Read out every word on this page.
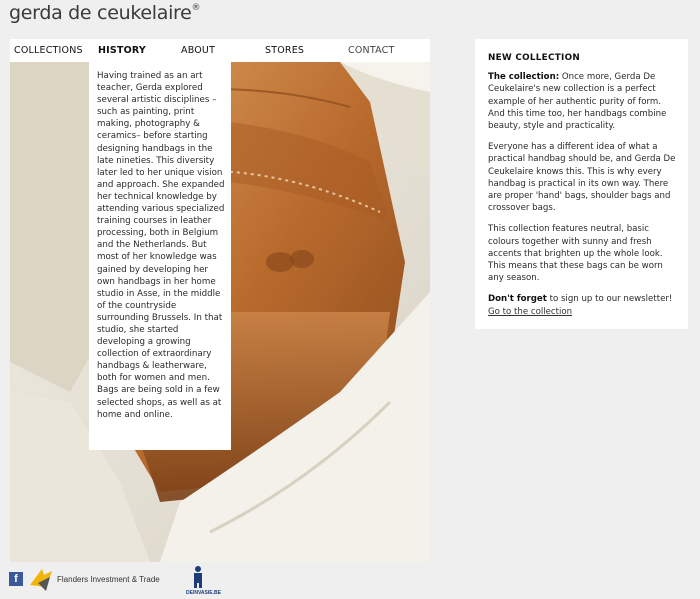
gerda de ceukelaire®
COLLECTIONS HISTORY	ABOUT	STORES	CONTACT
Having trained as an art teacher, Gerda explored several artistic disciplines – such as painting, print making, photography & ceramics– before starting designing handbags in the late nineties. This diversity later led to her unique vision and approach. She expanded her technical knowledge by attending various specialized training courses in leather processing, both in Belgium and the Netherlands. But most of her knowledge was gained by developing her own handbags in her home studio in Asse, in the middle of the countryside surrounding Brussels. In that studio, she started developing a growing collection of extraordinary handbags & leatherware, both for women and men. Bags are being sold in a few selected shops, as well as at home and online.
NEW COLLECTION

The collection: Once more, Gerda De Ceukelaire's new collection is a perfect example of her authentic purity of form. And this time too, her handbags combine beauty, style and practicality.

Everyone has a different idea of what a practical handbag should be, and Gerda De Ceukelaire knows this. This is why every handbag is practical in its own way. There are proper 'hand' bags, shoulder bags and crossover bags.

This collection features neutral, basic colours together with sunny and fresh accents that brighten up the whole look. This means that these bags can be worn any season.

Don't forget to sign up to our newsletter!

Go to the collection
f	Flanders Investment & Trade
DEINVASIE.BE
